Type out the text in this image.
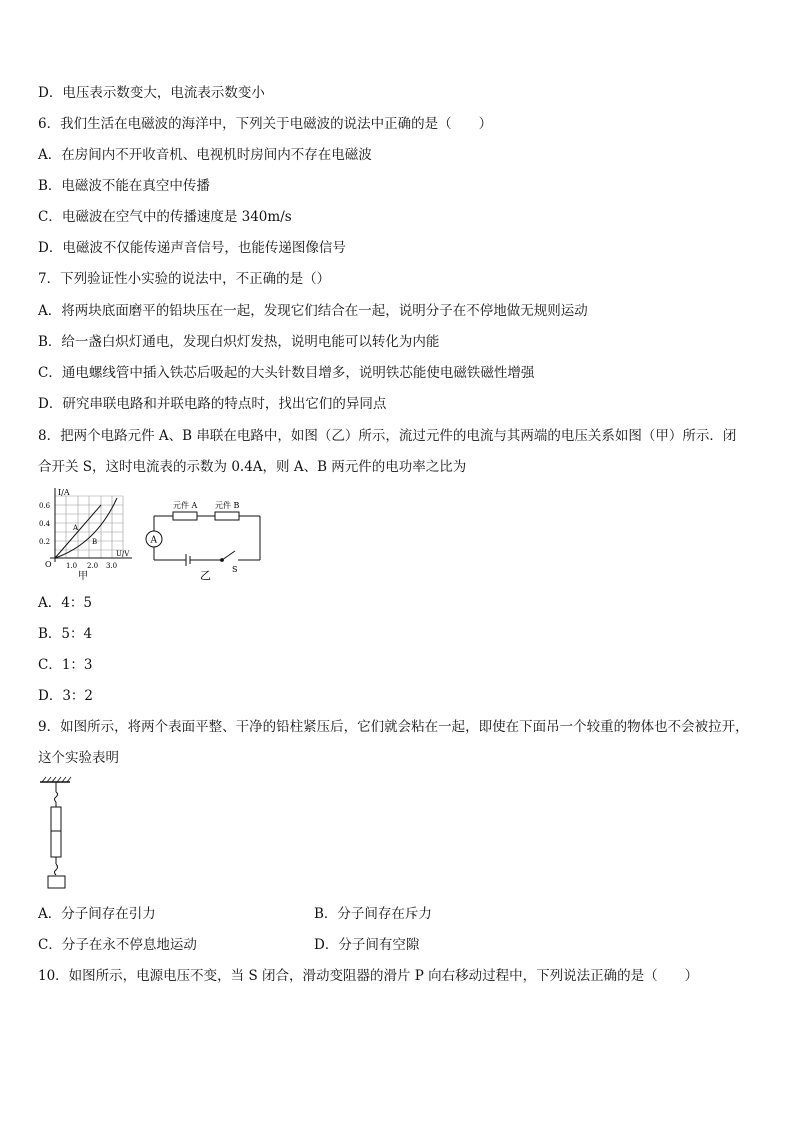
D．电压表示数变大，电流表示数变小
6．我们生活在电磁波的海洋中，下列关于电磁波的说法中正确的是（　　）
A．在房间内不开收音机、电视机时房间内不存在电磁波
B．电磁波不能在真空中传播
C．电磁波在空气中的传播速度是 340m/s
D．电磁波不仅能传递声音信号，也能传递图像信号
7．下列验证性小实验的说法中，不正确的是（）
A．将两块底面磨平的铅块压在一起，发现它们结合在一起，说明分子在不停地做无规则运动
B．给一盏白炽灯通电，发现白炽灯发热，说明电能可以转化为内能
C．通电螺线管中插入铁芯后吸起的大头针数目增多，说明铁芯能使电磁铁磁性增强
D．研究串联电路和并联电路的特点时，找出它们的异同点
8．把两个电路元件 A、B 串联在电路中，如图（乙）所示，流过元件的电流与其两端的电压关系如图（甲）所示．闭
合开关 S，这时电流表的示数为 0.4A，则 A、B 两元件的电功率之比为
I/A
0.6
0.4
0.2
A
B
U/V
O 1.0 2.0 3.0
甲
元件 A 元件 B
A
S
乙
A．4：5
B．5：4
C．1：3
D．3：2
9．如图所示，将两个表面平整、干净的铅柱紧压后，它们就会粘在一起，即使在下面吊一个较重的物体也不会被拉开，
这个实验表明
A．分子间存在引力	B．分子间存在斥力
C．分子在永不停息地运动	D．分子间有空隙
10．如图所示，电源电压不变，当 S 闭合，滑动变阻器的滑片 P 向右移动过程中，下列说法正确的是（　　）
